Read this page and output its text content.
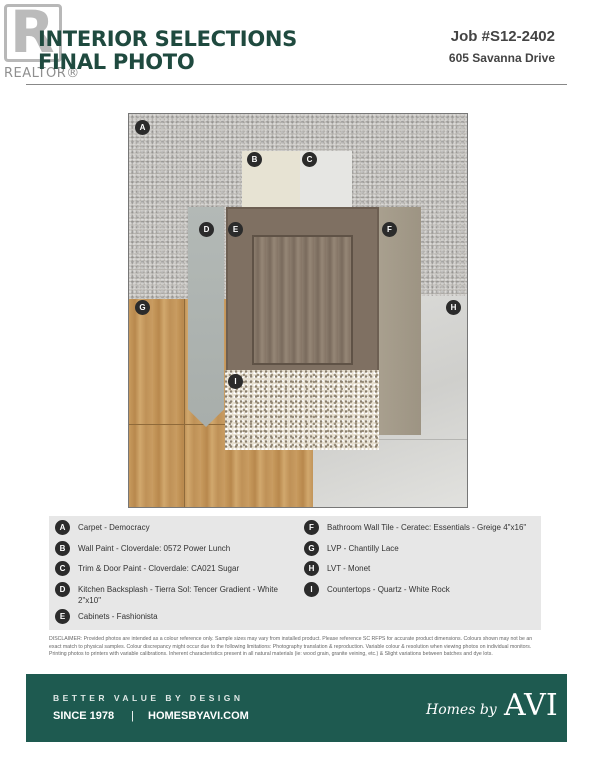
R
REALTOR®
INTERIOR SELECTIONS
FINAL PHOTO
Job #S12-2402
605 Savanna Drive
A
B	C
D	E	F
G	H
I
A	Carpet - Democracy
B	Wall Paint - Cloverdale: 0572 Power Lunch
C	Trim & Door Paint - Cloverdale: CA021 Sugar
D	Kitchen Backsplash - Tierra Sol: Tencer Gradient - White 2"x10"
E	Cabinets - Fashionista
F	Bathroom Wall Tile - Ceratec: Essentials - Greige 4"x16"
G	LVP - Chantilly Lace
H	LVT - Monet
I	Countertops - Quartz - White Rock
DISCLAIMER: Provided photos are intended as a colour reference only. Sample sizes may vary from installed product. Please reference SC RFPS for accurate product dimensions. Colours shown may not be an exact match to physical samples. Colour discrepancy might occur due to the following limitations: Photography translation & reproduction. Variable colour & resolution when viewing photos on individual monitors. Printing photos to printers with variable calibrations. Inherent characteristics present in all natural materials (ie: wood grain, granite veining, etc.) & Slight variations between batches and dye lots.
BETTER VALUE BY DESIGN
SINCE 1978 | HOMESBYAVI.COM	Homes by AVI
